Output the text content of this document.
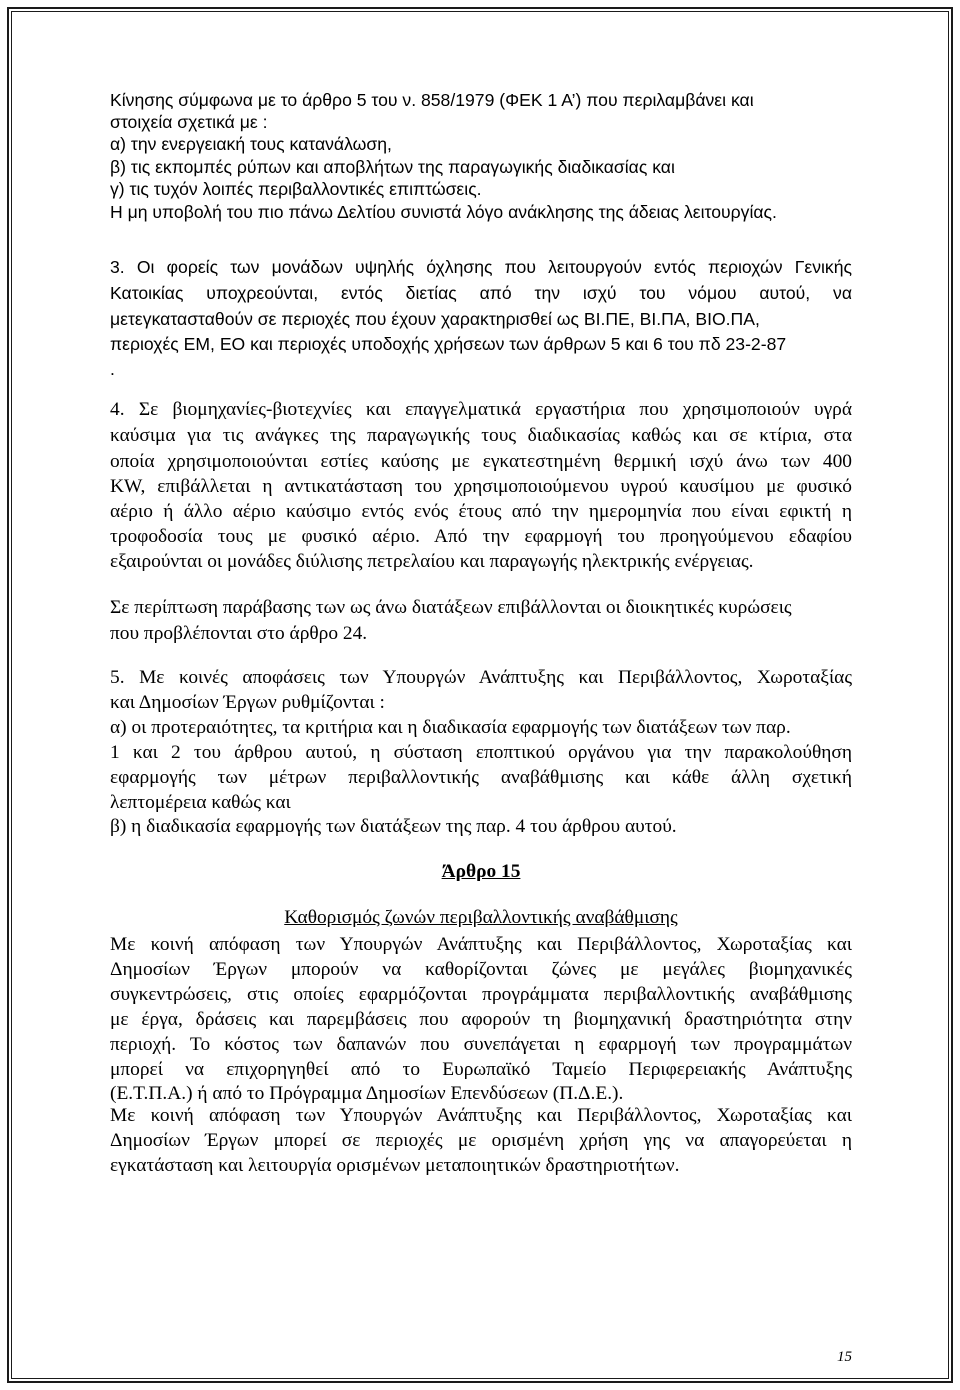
Κίνησης σύμφωνα με το άρθρο 5 του ν. 858/1979 (ΦΕΚ 1 Α’) που περιλαμβάνει και

στοιχεία σχετικά με :

α) την ενεργειακή τους κατανάλωση,

β) τις εκπομπές ρύπων και αποβλήτων της παραγωγικής διαδικασίας και

γ) τις τυχόν λοιπές περιβαλλοντικές επιπτώσεις.

Η μη υποβολή του πιο πάνω Δελτίου συνιστά λόγο ανάκλησης της άδειας λειτουργίας.

3. Οι φορείς των μονάδων υψηλής όχλησης που λειτουργούν εντός περιοχών Γενικής

Κατοικίας υποχρεούνται, εντός διετίας από την ισχύ του νόμου αυτού, να

μετεγκατασταθούν σε περιοχές που έχουν χαρακτηρισθεί ως ΒΙ.ΠΕ, ΒΙ.ΠΑ, ΒΙΟ.ΠΑ,

περιοχές ΕΜ, ΕΟ και περιοχές υποδοχής χρήσεων των άρθρων 5 και 6 του πδ 23-2-87

.

4. Σε βιομηχανίες-βιοτεχνίες και επαγγελματικά εργαστήρια που χρησιμοποιούν υγρά

καύσιμα για τις ανάγκες της παραγωγικής τους διαδικασίας καθώς και σε κτίρια, στα

οποία χρησιμοποιούνται εστίες καύσης με εγκατεστημένη θερμική ισχύ άνω των 400

KW, επιβάλλεται η αντικατάσταση του χρησιμοποιούμενου υγρού καυσίμου με φυσικό

αέριο ή άλλο αέριο καύσιμο εντός ενός έτους από την ημερομηνία που είναι εφικτή η

τροφοδοσία τους με φυσικό αέριο. Από την εφαρμογή του προηγούμενου εδαφίου

εξαιρούνται οι μονάδες διύλισης πετρελαίου και παραγωγής ηλεκτρικής ενέργειας.

Σε περίπτωση παράβασης των ως άνω διατάξεων επιβάλλονται οι διοικητικές κυρώσεις

που προβλέπονται στο άρθρο 24.

5. Με κοινές αποφάσεις των Υπουργών Ανάπτυξης και Περιβάλλοντος, Χωροταξίας

και Δημοσίων Έργων ρυθμίζονται :

α) οι προτεραιότητες, τα κριτήρια και η διαδικασία εφαρμογής των διατάξεων των παρ.

1 και 2 του άρθρου αυτού, η σύσταση εποπτικού οργάνου για την παρακολούθηση

εφαρμογής των μέτρων περιβαλλοντικής αναβάθμισης και κάθε άλλη σχετική

λεπτομέρεια καθώς και

β) η διαδικασία εφαρμογής των διατάξεων της παρ. 4 του άρθρου αυτού.

Άρθρο 15

Καθορισμός ζωνών περιβαλλοντικής αναβάθμισης

Με κοινή απόφαση των Υπουργών Ανάπτυξης και Περιβάλλοντος, Χωροταξίας και

Δημοσίων Έργων μπορούν να καθορίζονται ζώνες με μεγάλες βιομηχανικές

συγκεντρώσεις, στις οποίες εφαρμόζονται προγράμματα περιβαλλοντικής αναβάθμισης

με έργα, δράσεις και παρεμβάσεις που αφορούν τη βιομηχανική δραστηριότητα στην

περιοχή. Το κόστος των δαπανών που συνεπάγεται η εφαρμογή των προγραμμάτων

μπορεί να επιχορηγηθεί από το Ευρωπαϊκό Ταμείο Περιφερειακής Ανάπτυξης

(Ε.Τ.Π.Α.) ή από το Πρόγραμμα Δημοσίων Επενδύσεων (Π.Δ.Ε.).

Με κοινή απόφαση των Υπουργών Ανάπτυξης και Περιβάλλοντος, Χωροταξίας και

Δημοσίων Έργων μπορεί σε περιοχές με ορισμένη χρήση γης να απαγορεύεται η

εγκατάσταση και λειτουργία ορισμένων μεταποιητικών δραστηριοτήτων.

15
